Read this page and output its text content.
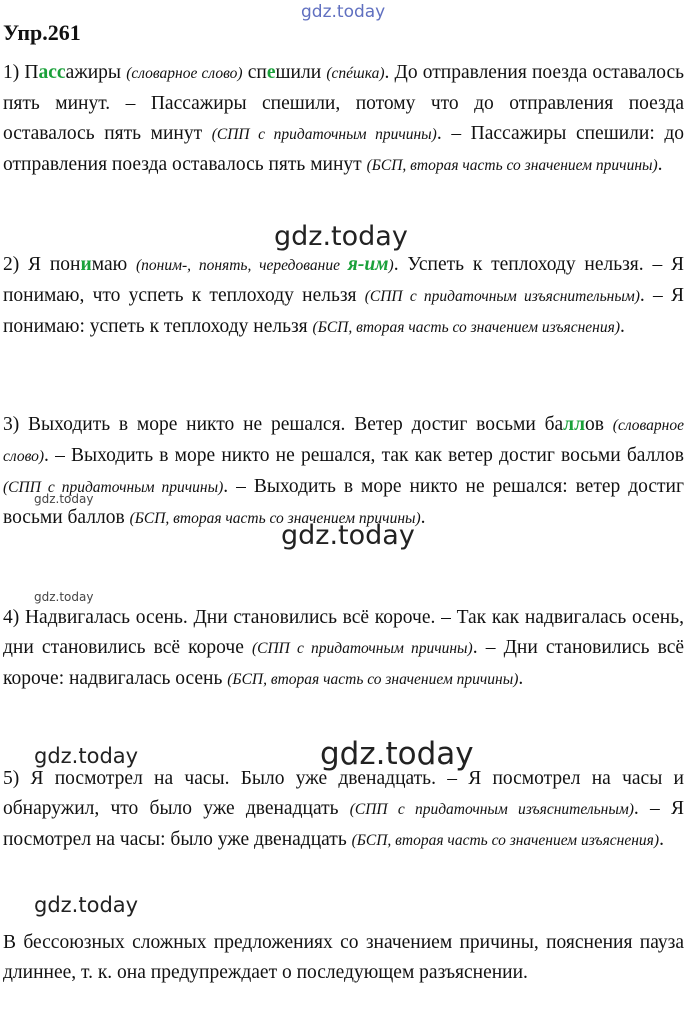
gdz.today
Упр.261
1) Пассажиры (словарное слово) спешили (спéшка). До отправления поезда оставалось пять минут. – Пассажиры спешили, потому что до отправления поезда оставалось пять минут (СПП с придаточным причины). – Пассажиры спешили: до отправления поезда оставалось пять минут (БСП, вторая часть со значением причины).
gdz.today
2) Я понимаю (поним-, понять, чередование я-им). Успеть к теплоходу нельзя. – Я понимаю, что успеть к теплоходу нельзя (СПП с придаточным изъяснительным). – Я понимаю: успеть к теплоходу нельзя (БСП, вторая часть со значением изъяснения).
3) Выходить в море никто не решался. Ветер достиг восьми баллов (словарное слово). – Выходить в море никто не решался, так как ветер достиг восьми баллов (СПП с придаточным причины). – Выходить в море никто не решался: ветер достиг восьми баллов (БСП, вторая часть со значением причины).
gdz.today
gdz.today
gdz.today
4) Надвигалась осень. Дни становились всё короче. – Так как надвигалась осень, дни становились всё короче (СПП с придаточным причины). – Дни становились всё короче: надвигалась осень (БСП, вторая часть со значением причины).
gdz.today	gdz.today
5) Я посмотрел на часы. Было уже двенадцать. – Я посмотрел на часы и обнаружил, что было уже двенадцать (СПП с придаточным изъяснительным). – Я посмотрел на часы: было уже двенадцать (БСП, вторая часть со значением изъяснения).
gdz.today
В бессоюзных сложных предложениях со значением причины, пояснения пауза длиннее, т. к. она предупреждает о последующем разъяснении.
